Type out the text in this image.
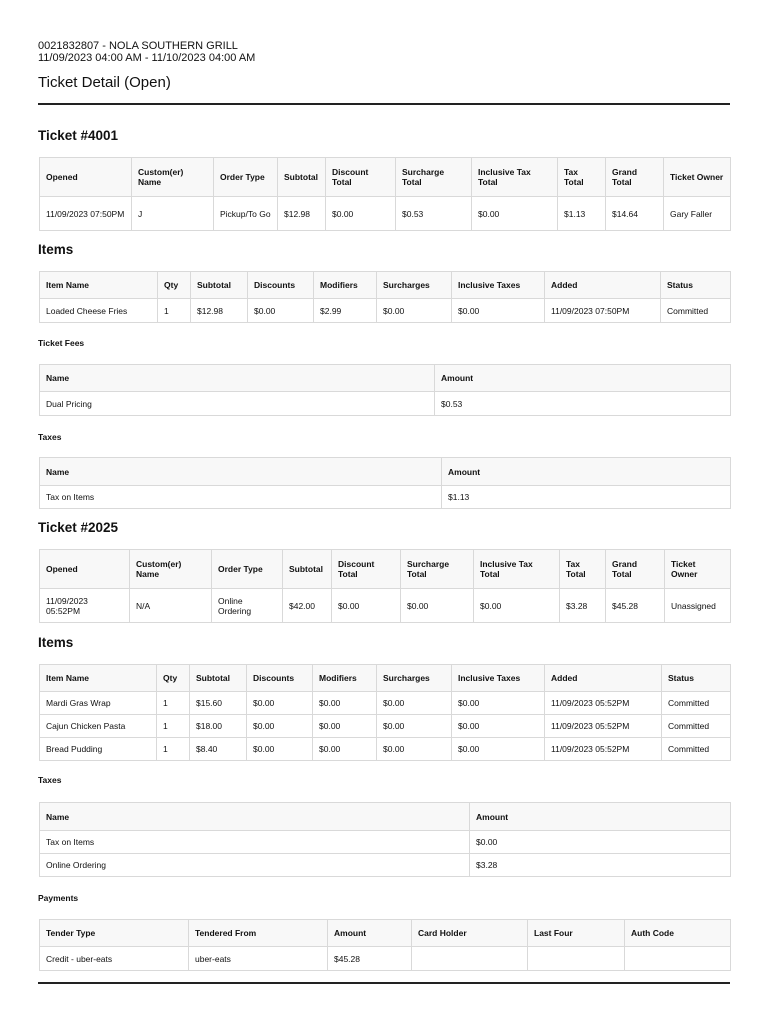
0021832807 - NOLA SOUTHERN GRILL
11/09/2023 04:00 AM - 11/10/2023 04:00 AM
Ticket Detail (Open)
Ticket #4001
Opened	Custom(er) Name	Order Type	Subtotal	Discount Total	Surcharge Total	Inclusive Tax Total	Tax Total	Grand Total	Ticket Owner
11/09/2023 07:50PM	J	Pickup/To Go	$12.98	$0.00	$0.53	$0.00	$1.13	$14.64	Gary Faller
Items
Item Name	Qty	Subtotal	Discounts	Modifiers	Surcharges	Inclusive Taxes	Added	Status
Loaded Cheese Fries	1	$12.98	$0.00	$2.99	$0.00	$0.00	11/09/2023 07:50PM	Committed
Ticket Fees
Name	Amount
Dual Pricing	$0.53
Taxes
Name	Amount
Tax on Items	$1.13
Ticket #2025
Opened	Custom(er) Name	Order Type	Subtotal	Discount Total	Surcharge Total	Inclusive Tax Total	Tax Total	Grand Total	Ticket Owner
11/09/2023 05:52PM	N/A	Online Ordering	$42.00	$0.00	$0.00	$0.00	$3.28	$45.28	Unassigned
Items
Item Name	Qty	Subtotal	Discounts	Modifiers	Surcharges	Inclusive Taxes	Added	Status
Mardi Gras Wrap	1	$15.60	$0.00	$0.00	$0.00	$0.00	11/09/2023 05:52PM	Committed
Cajun Chicken Pasta	1	$18.00	$0.00	$0.00	$0.00	$0.00	11/09/2023 05:52PM	Committed
Bread Pudding	1	$8.40	$0.00	$0.00	$0.00	$0.00	11/09/2023 05:52PM	Committed
Taxes
Name	Amount
Tax on Items	$0.00
Online Ordering	$3.28
Payments
Tender Type	Tendered From	Amount	Card Holder	Last Four	Auth Code
Credit - uber-eats	uber-eats	$45.28			
